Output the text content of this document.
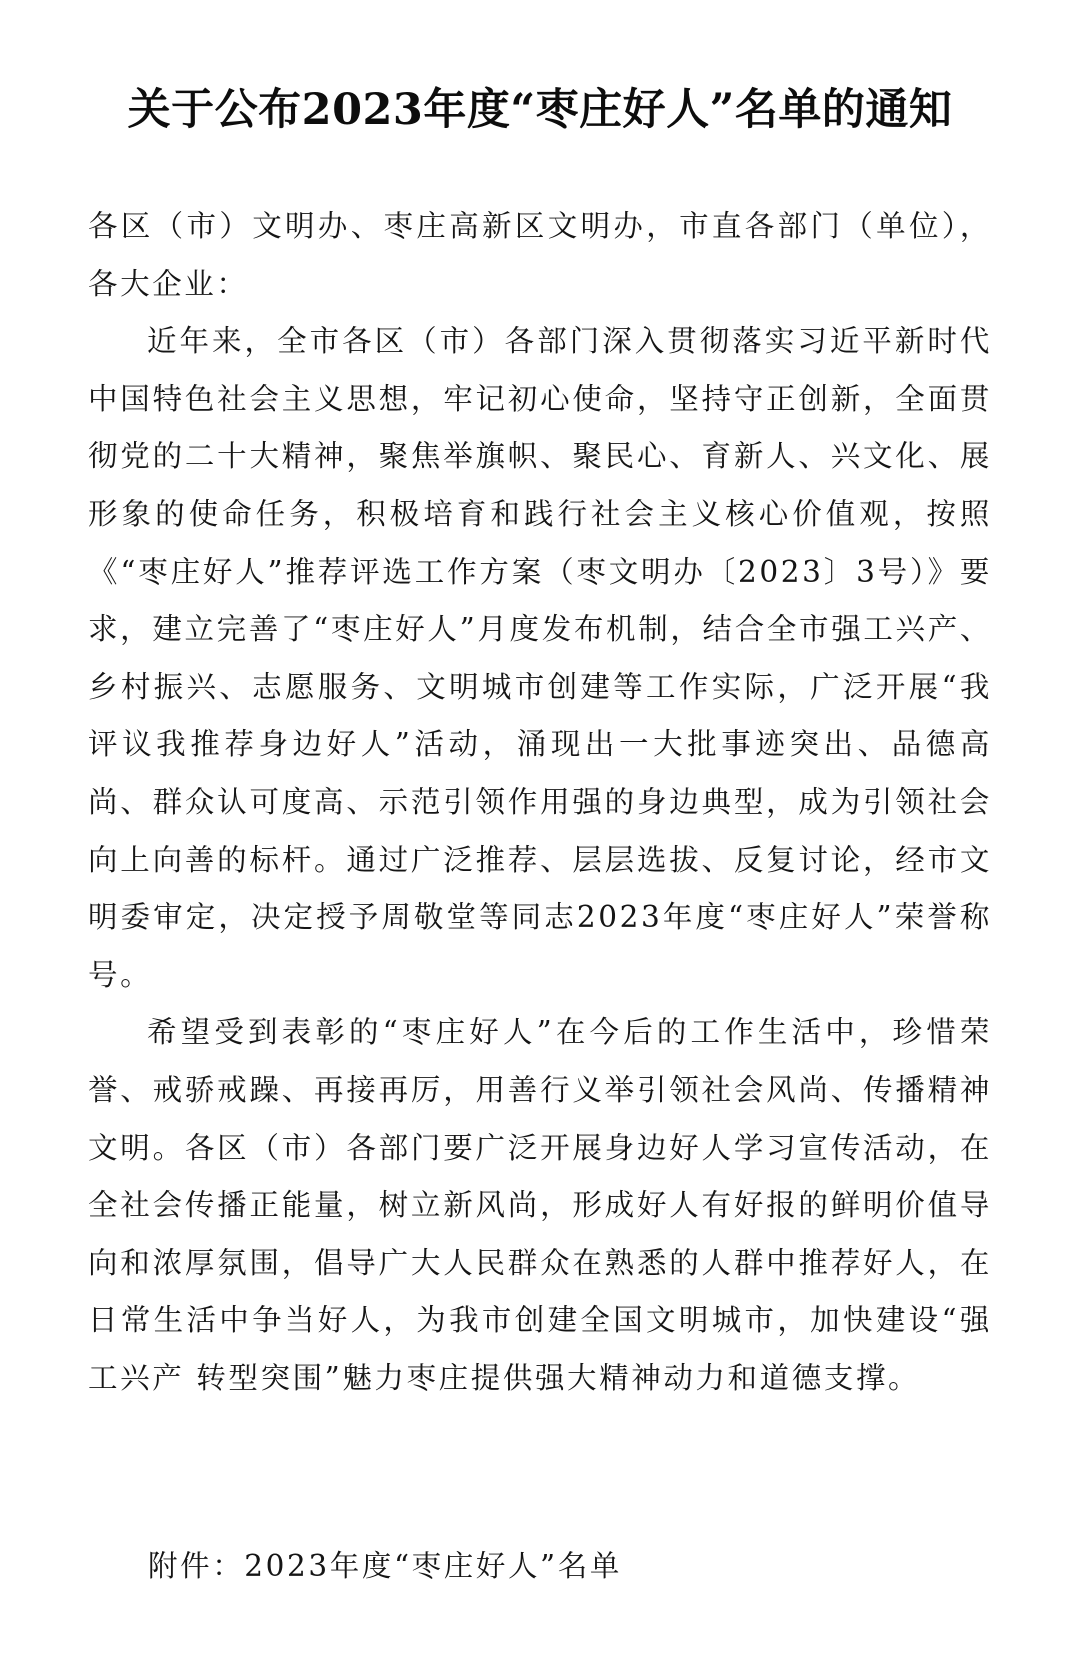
关于公布2023年度“枣庄好人”名单的通知

各区（市）文明办、枣庄高新区文明办，市直各部门（单位），各大企业：

近年来，全市各区（市）各部门深入贯彻落实习近平新时代中国特色社会主义思想，牢记初心使命，坚持守正创新，全面贯彻党的二十大精神，聚焦举旗帜、聚民心、育新人、兴文化、展形象的使命任务，积极培育和践行社会主义核心价值观，按照《“枣庄好人”推荐评选工作方案（枣文明办〔2023〕3号）》要求，建立完善了“枣庄好人”月度发布机制，结合全市强工兴产、乡村振兴、志愿服务、文明城市创建等工作实际，广泛开展“我评议我推荐身边好人”活动，涌现出一大批事迹突出、品德高尚、群众认可度高、示范引领作用强的身边典型，成为引领社会向上向善的标杆。通过广泛推荐、层层选拔、反复讨论，经市文明委审定，决定授予周敬堂等同志2023年度“枣庄好人”荣誉称号。

希望受到表彰的“枣庄好人”在今后的工作生活中，珍惜荣誉、戒骄戒躁、再接再厉，用善行义举引领社会风尚、传播精神文明。各区（市）各部门要广泛开展身边好人学习宣传活动，在全社会传播正能量，树立新风尚，形成好人有好报的鲜明价值导向和浓厚氛围，倡导广大人民群众在熟悉的人群中推荐好人，在日常生活中争当好人，为我市创建全国文明城市，加快建设“强工兴产 转型突围”魅力枣庄提供强大精神动力和道德支撑。

附件：2023年度“枣庄好人”名单
